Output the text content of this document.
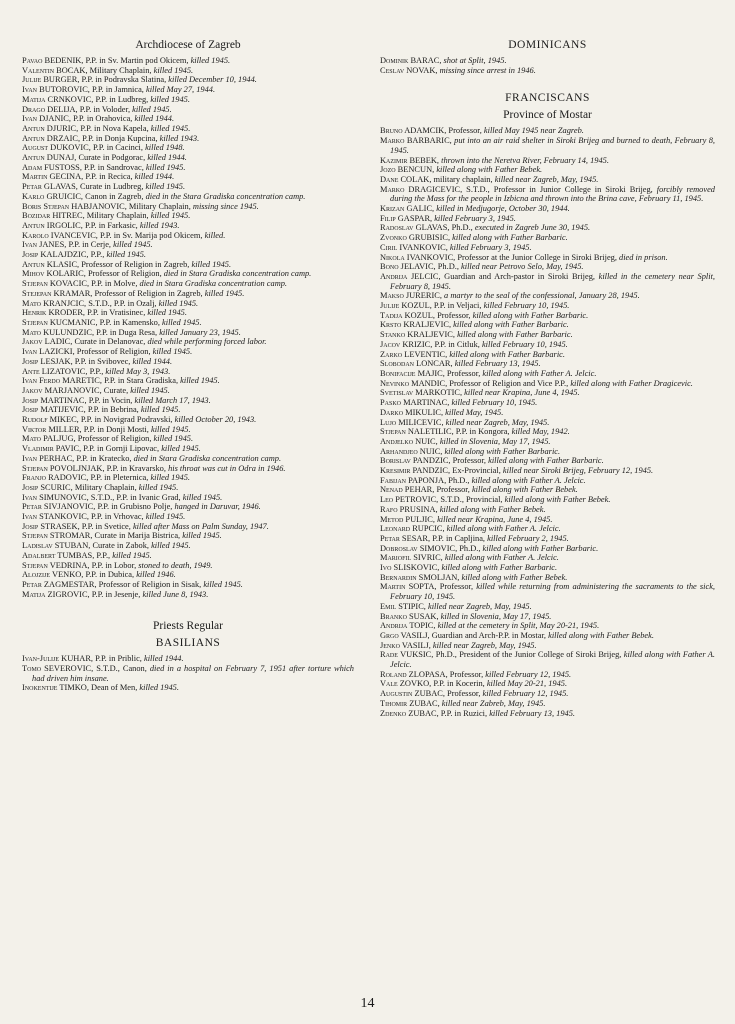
Archdiocese of Zagreb

Pavao BEDENIK, P.P. in Sv. Martin pod Okicem, killed 1945.

Valentin BOCAK, Military Chaplain, killed 1945.

Julije BURGER, P.P. in Podravska Slatina, killed December 10, 1944.

Ivan BUTOROVIC, P.P. in Jamnica, killed May 27, 1944.

Matija CRNKOVIC, P.P. in Ludbreg, killed 1945.

Drago DELIJA, P.P. in Voloder, killed 1945.

Ivan DJANIC, P.P. in Orahovica, killed 1944.

Antun DJURIC, P.P. in Nova Kapela, killed 1945.

Antun DRZAIC, P.P. in Donja Kupcina, killed 1943.

August DUKOVIC, P.P. in Cacinci, killed 1948.

Antun DUNAJ, Curate in Podgorac, killed 1944.

Adam FUSTOSS, P.P. in Sandrovac, killed 1945.

Martin GECINA, P.P. in Recica, killed 1944.

Petar GLAVAS, Curate in Ludbreg, killed 1945.

Karlo GRUICIC, Canon in Zagreb, died in the Stara Gradiska concentration camp.

Boris Stjepan HABJANOVIC, Military Chaplain, missing since 1945.

Bozidar HITREC, Military Chaplain, killed 1945.

Antun IRGOLIC, P.P. in Farkasic, killed 1943.

Karolo IVANCEVIC, P.P. in Sv. Marija pod Okicem, killed.

Ivan JANES, P.P. in Cerje, killed 1945.

Josip KALAJDZIC, P.P., killed 1945.

Antun KLASIC, Professor of Religion in Zagreb, killed 1945.

Mihov KOLARIC, Professor of Religion, died in Stara Gradiska concentration camp.

Stjepan KOVACIC, P.P. in Molve, died in Stara Gradiska concentration camp.

Stejepan KRAMAR, Professor of Religion in Zagreb, killed 1945.

Mato KRANJCIC, S.T.D., P.P. in Ozalj, killed 1945.

Henrik KRODER, P.P. in Vratisinec, killed 1945.

Stjepan KUCMANIC, P.P. in Kamensko, killed 1945.

Mato KULUNDZIC, P.P. in Duga Resa, killed January 23, 1945.

Jakov LADIC, Curate in Delanovac, died while performing forced labor.

Ivan LAZICKI, Professor of Religion, killed 1945.

Josip LESJAK, P.P. in Svibovec, killed 1944.

Ante LIZATOVIC, P.P., killed May 3, 1943.

Ivan Ferdo MARETIC, P.P. in Stara Gradiska, killed 1945.

Jakov MARJANOVIC, Curate, killed 1945.

Josip MARTINAC, P.P. in Vocin, killed March 17, 1943.

Josip MATIJEVIC, P.P. in Bebrina, killed 1945.

Rudolf MIKEC, P.P. in Novigrad Podravski, killed October 20, 1943.

Viktor MILLER, P.P. in Donji Mosti, killed 1945.

Mato PALJUG, Professor of Religion, killed 1945.

Vladimir PAVIC, P.P. in Gornji Lipovac, killed 1945.

Ivan PERHAC, P.P. in Kratecko, died in Stara Gradiska concentration camp.

Stjepan POVOLJNJAK, P.P. in Kravarsko, his throat was cut in Odra in 1946.

Franjo RADOVIC, P.P. in Pleternica, killed 1945.

Josip SCURIC, Military Chaplain, killed 1945.

Ivan SIMUNOVIC, S.T.D., P.P. in Ivanic Grad, killed 1945.

Petar SIVJANOVIC, P.P. in Grubisno Polje, hanged in Daruvar, 1946.

Ivan STANKOVIC, P.P. in Vrhovac, killed 1945.

Josip STRASEK, P.P. in Svetice, killed after Mass on Palm Sunday, 1947.

Stjepan STROMAR, Curate in Marija Bistrica, killed 1945.

Ladislav STUBAN, Curate in Zabok, killed 1945.

Adalbert TUMBAS, P.P., killed 1945.

Stjepan VEDRINA, P.P. in Lobor, stoned to death, 1949.

Alojzije VENKO, P.P. in Dubica, killed 1946.

Petar ZAGMESTAR, Professor of Religion in Sisak, killed 1945.

Matija ZIGROVIC, P.P. in Jesenje, killed June 8, 1943.

Priests Regular
BASILIANS

Ivan-Julije KUHAR, P.P. in Priblic, killed 1944.

Tomo SEVEROVIC, S.T.D., Canon, died in a hospital on February 7, 1951 after torture which had driven him insane.

Inokentije TIMKO, Dean of Men, killed 1945.

DOMINICANS

Dominik BARAC, shot at Split, 1945.

Ceslav NOVAK, missing since arrest in 1946.

FRANCISCANS
Province of Mostar

Bruno ADAMCIK, Professor, killed May 1945 near Zagreb.

Marko BARBARIC, put into an air raid shelter in Siroki Brijeg and burned to death, February 8, 1945.

Kazimir BEBEK, thrown into the Neretva River, February 14, 1945.

Jozo BENCUN, killed along with Father Bebek.

Dane COLAK, military chaplain, killed near Zagreb, May, 1945.

Marko DRAGICEVIC, S.T.D., Professor in Junior College in Siroki Brijeg, forcibly removed during the Mass for the people in Izbicna and thrown into the Brina cave, February 11, 1945.

Krizan GALIC, killed in Medjugorje, October 30, 1944.

Filip GASPAR, killed February 3, 1945.

Radoslav GLAVAS, Ph.D., executed in Zagreb June 30, 1945.

Zvonko GRUBISIC, killed along with Father Barbaric.

Ciril IVANKOVIC, killed February 3, 1945.

Nikola IVANKOVIC, Professor at the Junior College in Siroki Brijeg, died in prison.

Bono JELAVIC, Ph.D., killed near Petrovo Selo, May, 1945.

Andrija JELCIC, Guardian and Arch-pastor in Siroki Brijeg, killed in the cemetery near Split, February 8, 1945.

Makso JURERIC, a martyr to the seal of the confessional, January 28, 1945.

Julije KOZUL, P.P. in Veljaci, killed February 10, 1945.

Tadija KOZUL, Professor, killed along with Father Barbaric.

Krsto KRALJEVIC, killed along with Father Barbaric.

Stanko KRALJEVIC, killed along with Father Barbaric.

Jacov KRIZIC, P.P. in Citluk, killed February 10, 1945.

Zarko LEVENTIC, killed along with Father Barbaric.

Slobodan LONCAR, killed February 13, 1945.

Bonifacije MAJIC, Professor, killed along with Father A. Jelcic.

Nevinko MANDIC, Professor of Religion and Vice P.P., killed along with Father Dragicevic.

Svetislav MARKOTIC, killed near Krapina, June 4, 1945.

Pasko MARTINAC, killed February 10, 1945.

Darko MIKULIC, killed May, 1945.

Lujo MILICEVIC, killed near Zagreb, May, 1945.

Stjepan NALETILIC, P.P. in Kongora, killed May, 1942.

Andjelko NUIC, killed in Slovenia, May 17, 1945.

Arhandjeo NUIC, killed along with Father Barbaric.

Borislav PANDZIC, Professor, killed along with Father Barbaric.

Kresimir PANDZIC, Ex-Provincial, killed near Siroki Brijeg, February 12, 1945.

Fabijan PAPONJA, Ph.D., killed along with Father A. Jelcic.

Nenad PEHAR, Professor, killed along with Father Bebek.

Leo PETROVIC, S.T.D., Provincial, killed along with Father Bebek.

Rafo PRUSINA, killed along with Father Bebek.

Metod PULJIC, killed near Krapina, June 4, 1945.

Leonard RUPCIC, killed along with Father A. Jelcic.

Petar SESAR, P.P. in Capljina, killed February 2, 1945.

Dobroslav SIMOVIC, Ph.D., killed along with Father Barbaric.

Mariofil SIVRIC, killed along with Father A. Jelcic.

Ivo SLISKOVIC, killed along with Father Barbaric.

Bernardin SMOLJAN, killed along with Father Bebek.

Martin SOPTA, Professor, killed while returning from administering the sacraments to the sick, February 10, 1945.

Emil STIPIC, killed near Zagreb, May, 1945.

Branko SUSAK, killed in Slovenia, May 17, 1945.

Andrija TOPIC, killed at the cemetery in Split, May 20-21, 1945.

Grgo VASILJ, Guardian and Arch-P.P. in Mostar, killed along with Father Bebek.

Jenko VASILJ, killed near Zagreb, May, 1945.

Rade VUKSIC, Ph.D., President of the Junior College of Siroki Brijeg, killed along with Father A. Jelcic.

Roland ZLOPASA, Professor, killed February 12, 1945.

Vale ZOVKO, P.P. in Kocerin, killed May 20-21, 1945.

Augustin ZUBAC, Professor, killed February 12, 1945.

Tihomir ZUBAC, killed near Zabreb, May, 1945.

Zdenko ZUBAC, P.P. in Ruzici, killed February 13, 1945.

14
